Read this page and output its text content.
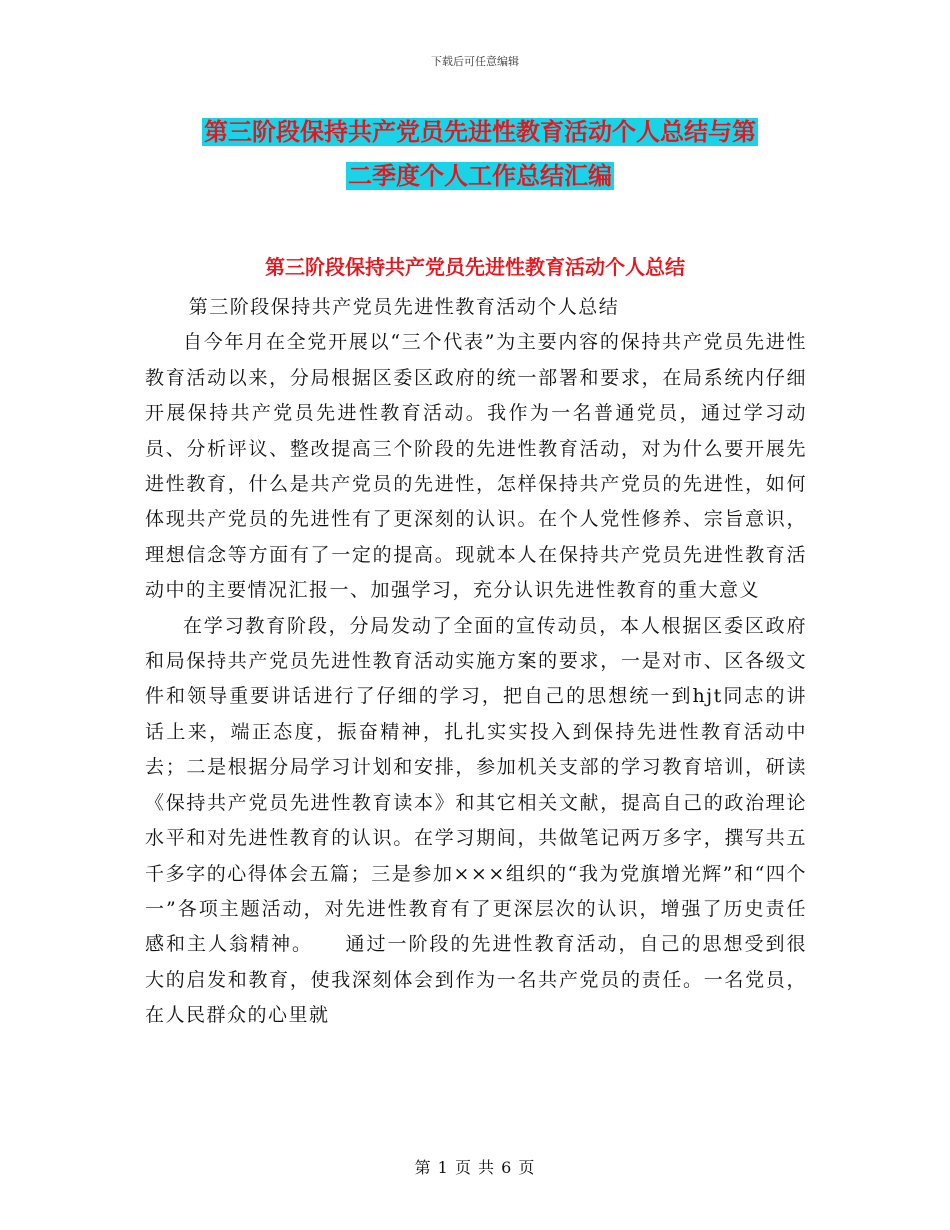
下载后可任意编辑
第三阶段保持共产党员先进性教育活动个人总结与第
二季度个人工作总结汇编
第三阶段保持共产党员先进性教育活动个人总结

第三阶段保持共产党员先进性教育活动个人总结

自今年月在全党开展以“三个代表”为主要内容的保持共产党员先进性教育活动以来，分局根据区委区政府的统一部署和要求，在局系统内仔细开展保持共产党员先进性教育活动。我作为一名普通党员，通过学习动员、分析评议、整改提高三个阶段的先进性教育活动，对为什么要开展先进性教育，什么是共产党员的先进性，怎样保持共产党员的先进性，如何体现共产党员的先进性有了更深刻的认识。在个人党性修养、宗旨意识，理想信念等方面有了一定的提高。现就本人在保持共产党员先进性教育活动中的主要情况汇报一、加强学习，充分认识先进性教育的重大意义

在学习教育阶段，分局发动了全面的宣传动员，本人根据区委区政府和局保持共产党员先进性教育活动实施方案的要求，一是对市、区各级文件和领导重要讲话进行了仔细的学习，把自己的思想统一到hjt同志的讲话上来，端正态度，振奋精神，扎扎实实投入到保持先进性教育活动中去；二是根据分局学习计划和安排，参加机关支部的学习教育培训，研读《保持共产党员先进性教育读本》和其它相关文献，提高自己的政治理论水平和对先进性教育的认识。在学习期间，共做笔记两万多字，撰写共五千多字的心得体会五篇；三是参加×××组织的“我为党旗增光辉”和“四个一”各项主题活动，对先进性教育有了更深层次的认识，增强了历史责任感和主人翁精神。　　通过一阶段的先进性教育活动，自己的思想受到很大的启发和教育，使我深刻体会到作为一名共产党员的责任。一名党员，在人民群众的心里就

第 1 页 共 6 页
